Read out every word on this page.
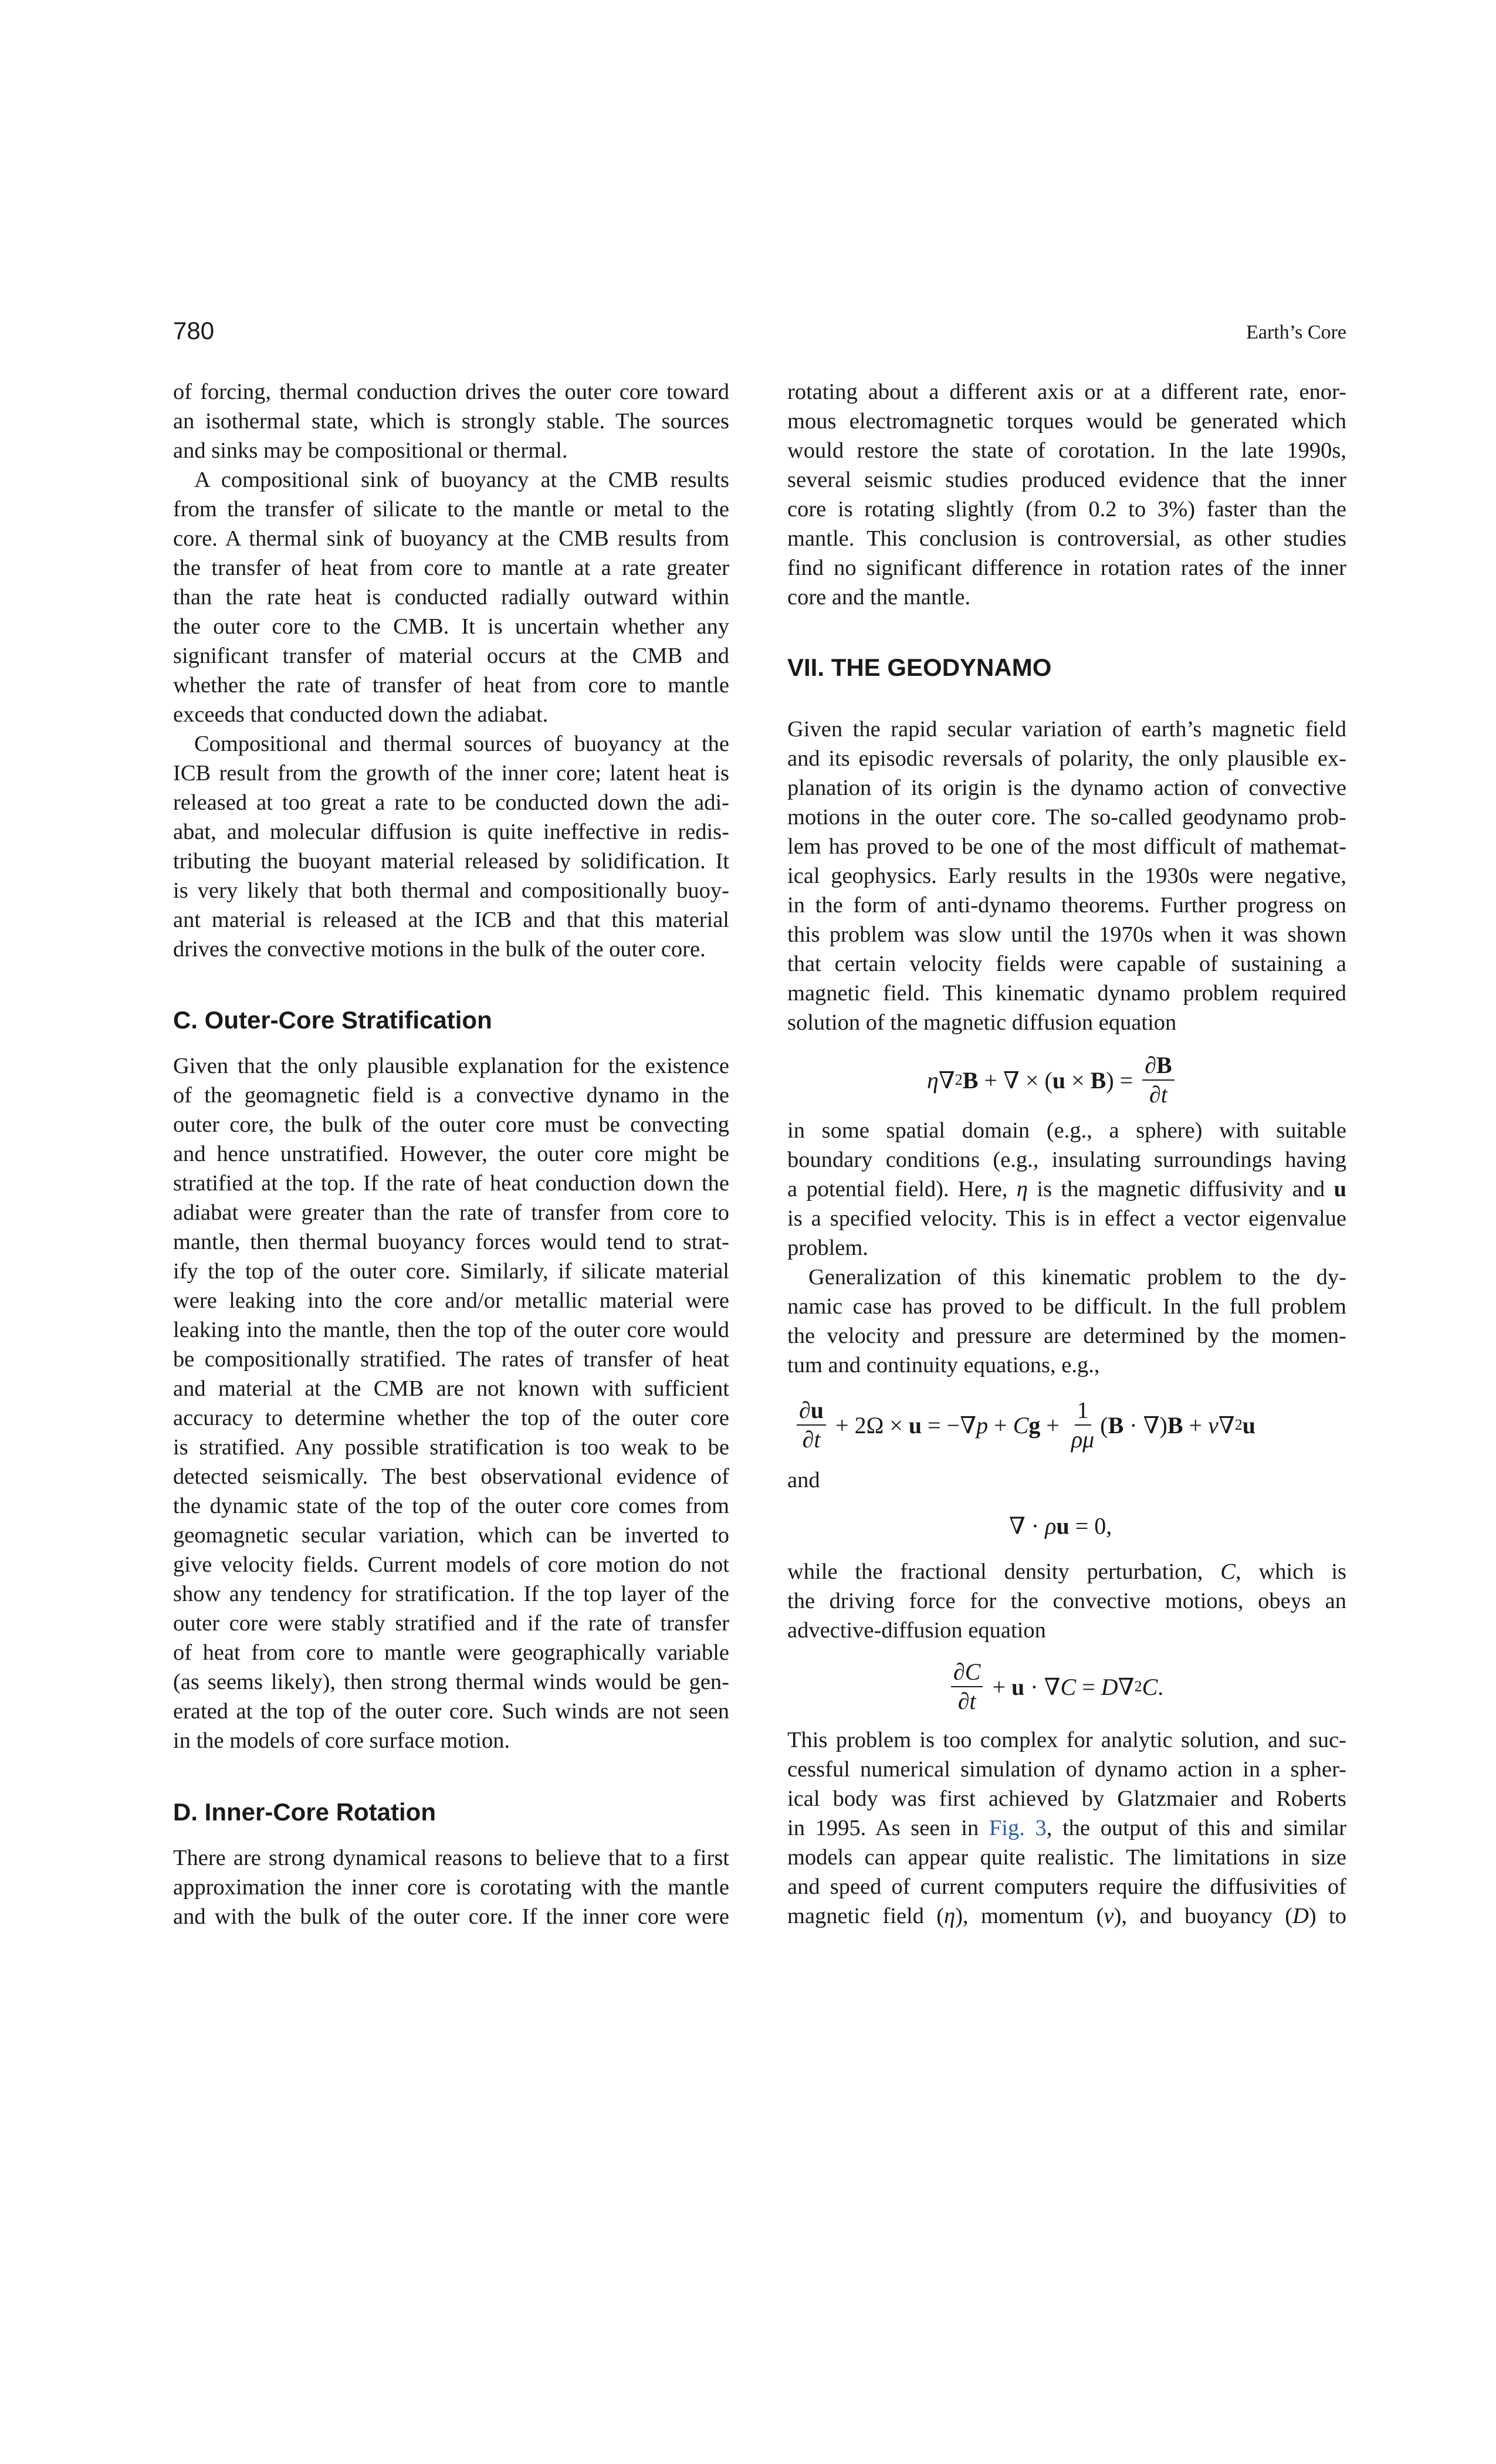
780	Earth’s Core
of forcing, thermal conduction drives the outer core toward
an isothermal state, which is strongly stable. The sources
and sinks may be compositional or thermal.
A compositional sink of buoyancy at the CMB results
from the transfer of silicate to the mantle or metal to the
core. A thermal sink of buoyancy at the CMB results from
the transfer of heat from core to mantle at a rate greater
than the rate heat is conducted radially outward within
the outer core to the CMB. It is uncertain whether any
significant transfer of material occurs at the CMB and
whether the rate of transfer of heat from core to mantle
exceeds that conducted down the adiabat.
Compositional and thermal sources of buoyancy at the
ICB result from the growth of the inner core; latent heat is
released at too great a rate to be conducted down the adi-
abat, and molecular diffusion is quite ineffective in redis-
tributing the buoyant material released by solidification. It
is very likely that both thermal and compositionally buoy-
ant material is released at the ICB and that this material
drives the convective motions in the bulk of the outer core.
C. Outer-Core Stratification
Given that the only plausible explanation for the existence
of the geomagnetic field is a convective dynamo in the
outer core, the bulk of the outer core must be convecting
and hence unstratified. However, the outer core might be
stratified at the top. If the rate of heat conduction down the
adiabat were greater than the rate of transfer from core to
mantle, then thermal buoyancy forces would tend to strat-
ify the top of the outer core. Similarly, if silicate material
were leaking into the core and/or metallic material were
leaking into the mantle, then the top of the outer core would
be compositionally stratified. The rates of transfer of heat
and material at the CMB are not known with sufficient
accuracy to determine whether the top of the outer core
is stratified. Any possible stratification is too weak to be
detected seismically. The best observational evidence of
the dynamic state of the top of the outer core comes from
geomagnetic secular variation, which can be inverted to
give velocity fields. Current models of core motion do not
show any tendency for stratification. If the top layer of the
outer core were stably stratified and if the rate of transfer
of heat from core to mantle were geographically variable
(as seems likely), then strong thermal winds would be gen-
erated at the top of the outer core. Such winds are not seen
in the models of core surface motion.
D. Inner-Core Rotation
There are strong dynamical reasons to believe that to a first
approximation the inner core is corotating with the mantle
and with the bulk of the outer core. If the inner core were
rotating about a different axis or at a different rate, enor-
mous electromagnetic torques would be generated which
would restore the state of corotation. In the late 1990s,
several seismic studies produced evidence that the inner
core is rotating slightly (from 0.2 to 3%) faster than the
mantle. This conclusion is controversial, as other studies
find no significant difference in rotation rates of the inner
core and the mantle.
VII. THE GEODYNAMO
Given the rapid secular variation of earth’s magnetic field
and its episodic reversals of polarity, the only plausible ex-
planation of its origin is the dynamo action of convective
motions in the outer core. The so-called geodynamo prob-
lem has proved to be one of the most difficult of mathemat-
ical geophysics. Early results in the 1930s were negative,
in the form of anti-dynamo theorems. Further progress on
this problem was slow until the 1970s when it was shown
that certain velocity fields were capable of sustaining a
magnetic field. This kinematic dynamo problem required
solution of the magnetic diffusion equation
η ∇ 2 B + ∇ × ( u × B ) = $\frac{\partial B}{\partial t}$
in some spatial domain (e.g., a sphere) with suitable
boundary conditions (e.g., insulating surroundings having
a potential field). Here, η is the magnetic diffusivity and u
is a specified velocity. This is in effect a vector eigenvalue
problem.
Generalization of this kinematic problem to the dy-
namic case has proved to be difficult. In the full problem
the velocity and pressure are determined by the momen-
tum and continuity equations, e.g.,
$\frac{\partial u}{\partial t} + 2\Omega \times u$ = −∇ p + C $g + \frac{1}{\rho\mu}$ ( B · ∇) B + ν ∇ 2 u
and
∇ · ρ u = 0,
while the fractional density perturbation, C, which is
the driving force for the convective motions, obeys an
advective-diffusion equation
$\frac{\partial C}{\partial t} + u$ · ∇ C = D ∇ 2 C .
This problem is too complex for analytic solution, and suc-
cessful numerical simulation of dynamo action in a spher-
ical body was first achieved by Glatzmaier and Roberts
in 1995. As seen in Fig. 3, the output of this and similar
models can appear quite realistic. The limitations in size
and speed of current computers require the diffusivities of
magnetic field (η), momentum (ν), and buoyancy (D) to
